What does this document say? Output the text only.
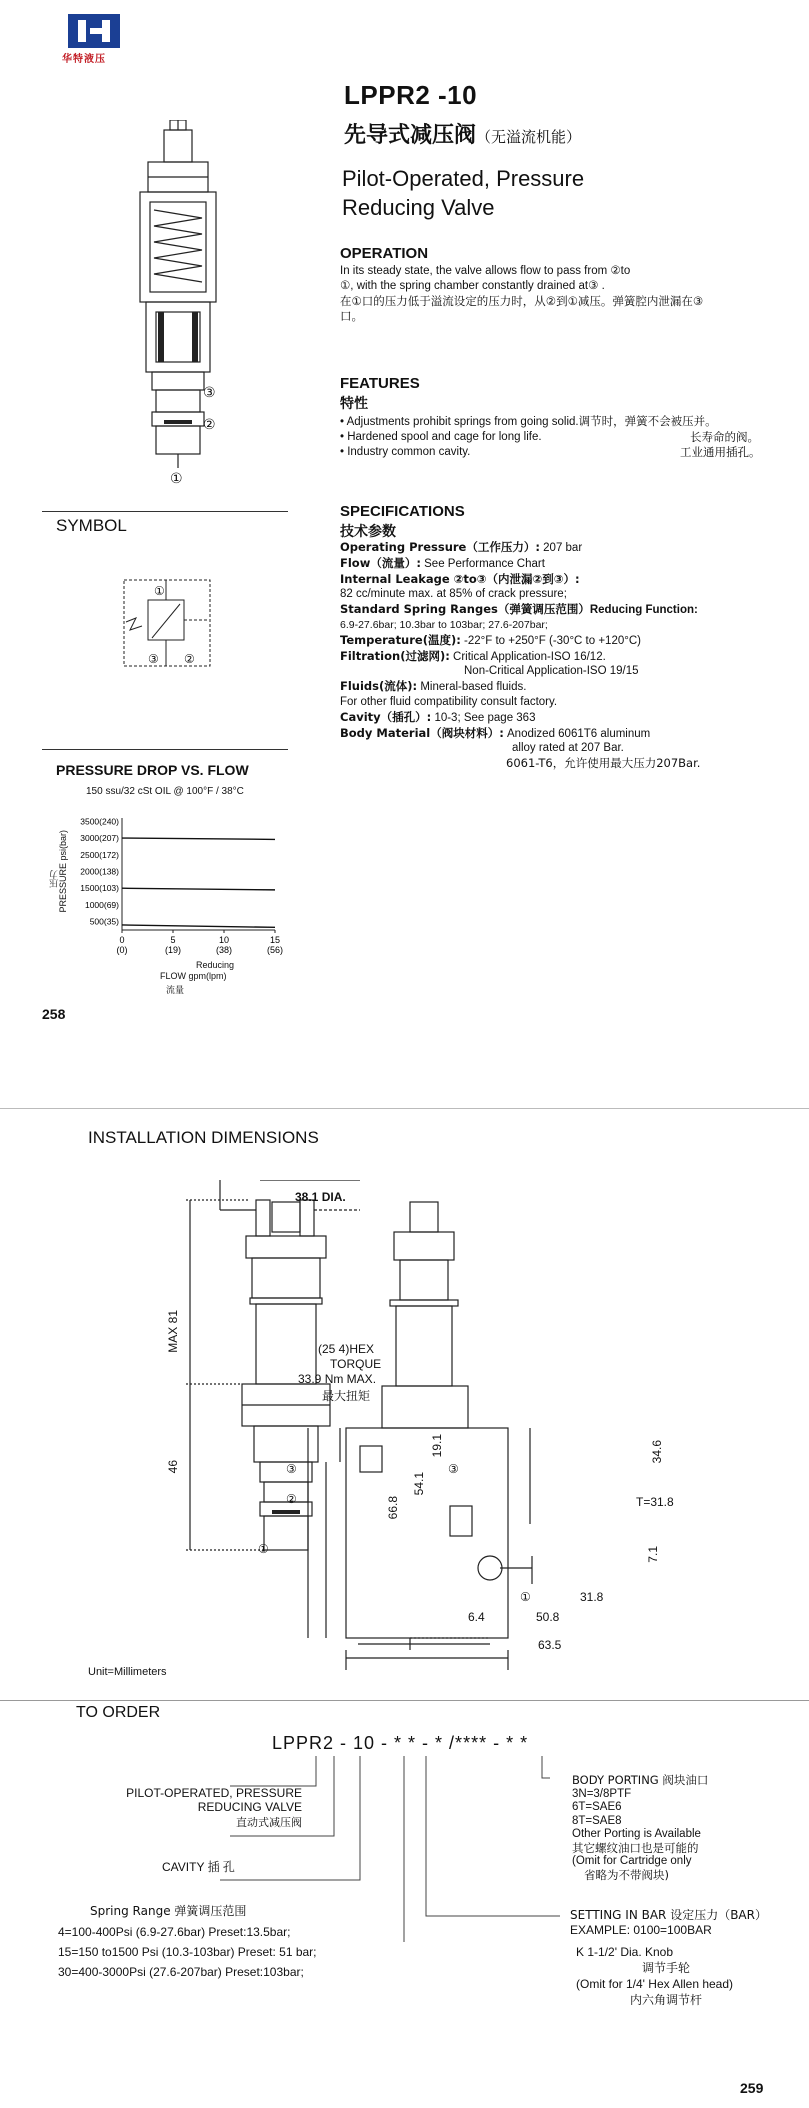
华特液压
LPPR2 -10
先导式减压阀（无溢流机能）
Pilot-Operated, Pressure
Reducing Valve
③
②
①
OPERATION
In its steady state, the valve allows flow to pass from ②to
①, with the spring chamber constantly drained at③ .
在①口的压力低于溢流设定的压力时，从②到①减压。弹簧腔内泄漏在③
口。
FEATURES
特性
• Adjustments prohibit springs from going solid.调节时，弹簧不会被压并。
• Hardened spool and cage for long life.	长寿命的阀。
• Industry common cavity.	工业通用插孔。
SYMBOL
①
②
③
SPECIFICATIONS
技术参数
Operating Pressure（工作压力）: 207 bar
Flow（流量）: See Performance Chart
Internal Leakage ②to③（内泄漏②到③）:
82 cc/minute max. at 85% of crack pressure;
Standard Spring Ranges（弹簧调压范围）Reducing Function:
6.9-27.6bar; 10.3bar to 103bar; 27.6-207bar;
Temperature(温度): -22°F to +250°F (-30°C to +120°C)
Filtration(过滤网): Critical Application-ISO 16/12.
Non-Critical Application-ISO 19/15
Fluids(流体): Mineral-based fluids.
For other fluid compatibility consult factory.
Cavity（插孔）: 10-3; See page 363
Body Material（阀块材料）: Anodized 6061T6 aluminum
alloy rated at 207 Bar.
6061-T6，允许使用最大压力207Bar.
PRESSURE DROP VS. FLOW
150 ssu/32 cSt OIL @ 100°F / 38°C
压力
PRESSURE psi(bar)
3500(240)
3000(207)
2500(172)
2000(138)
1500(103)
1000(69)
500(35)
0
(0)
5
(19)
10
(38)
15
(56)
Reducing
FLOW gpm(lpm)
流量
258
INSTALLATION DIMENSIONS
38.1 DIA.
MAX 81
46
(25 4)HEX
TORQUE
33.9 Nm MAX.
最大扭矩
19.1
54.1
66.8
34.6
T=31.8
7.1
31.8
6.4	50.8
63.5
③
②
①
③
①
Unit=Millimeters
TO ORDER
LPPR2 - 10 - * * - * /**** - * *
PILOT-OPERATED, PRESSURE
REDUCING VALVE
直动式减压阀
CAVITY 插 孔
Spring Range 弹簧调压范围
4=100-400Psi (6.9-27.6bar) Preset:13.5bar;
15=150 to1500 Psi (10.3-103bar) Preset: 51 bar;
30=400-3000Psi (27.6-207bar) Preset:103bar;
BODY PORTING 阀块油口
3N=3/8PTF
6T=SAE6
8T=SAE8
Other Porting is Available
其它螺纹油口也是可能的
(Omit for Cartridge only
省略为不带阀块)
SETTING IN BAR 设定压力（BAR）
EXAMPLE: 0100=100BAR
K 1-1/2' Dia. Knob
调节手轮
(Omit for 1/4' Hex Allen head)
内六角调节杆
259
